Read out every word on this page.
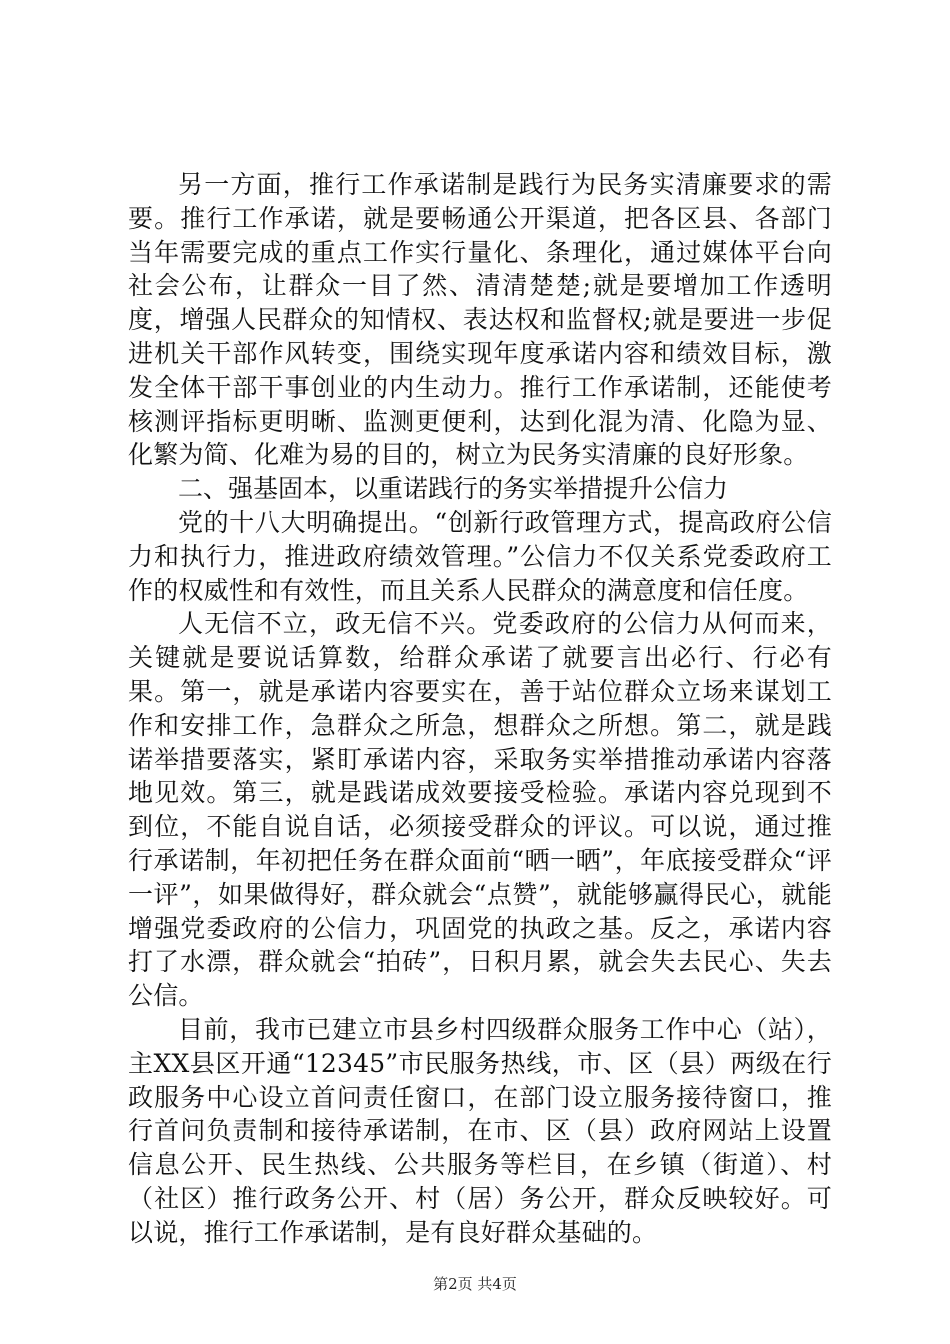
另一方面，推行工作承诺制是践行为民务实清廉要求的需要。推行工作承诺，就是要畅通公开渠道，把各区县、各部门当年需要完成的重点工作实行量化、条理化，通过媒体平台向社会公布，让群众一目了然、清清楚楚;就是要增加工作透明度，增强人民群众的知情权、表达权和监督权;就是要进一步促进机关干部作风转变，围绕实现年度承诺内容和绩效目标，激发全体干部干事创业的内生动力。推行工作承诺制，还能使考核测评指标更明晰、监测更便利，达到化混为清、化隐为显、化繁为简、化难为易的目的，树立为民务实清廉的良好形象。

二、强基固本，以重诺践行的务实举措提升公信力

党的十八大明确提出。“创新行政管理方式，提高政府公信力和执行力，推进政府绩效管理。”公信力不仅关系党委政府工作的权威性和有效性，而且关系人民群众的满意度和信任度。

人无信不立，政无信不兴。党委政府的公信力从何而来，关键就是要说话算数，给群众承诺了就要言出必行、行必有果。第一，就是承诺内容要实在，善于站位群众立场来谋划工作和安排工作，急群众之所急，想群众之所想。第二，就是践诺举措要落实，紧盯承诺内容，采取务实举措推动承诺内容落地见效。第三，就是践诺成效要接受检验。承诺内容兑现到不到位，不能自说自话，必须接受群众的评议。可以说，通过推行承诺制，年初把任务在群众面前“晒一晒”，年底接受群众“评一评”，如果做得好，群众就会“点赞”，就能够赢得民心，就能增强党委政府的公信力，巩固党的执政之基。反之，承诺内容打了水漂，群众就会“拍砖”，日积月累，就会失去民心、失去公信。

目前，我市已建立市县乡村四级群众服务工作中心（站），主XX县区开通“12345”市民服务热线，市、区（县）两级在行政服务中心设立首问责任窗口，在部门设立服务接待窗口，推行首问负责制和接待承诺制，在市、区（县）政府网站上设置信息公开、民生热线、公共服务等栏目，在乡镇（街道）、村（社区）推行政务公开、村（居）务公开，群众反映较好。可以说，推行工作承诺制，是有良好群众基础的。

第2页 共4页
